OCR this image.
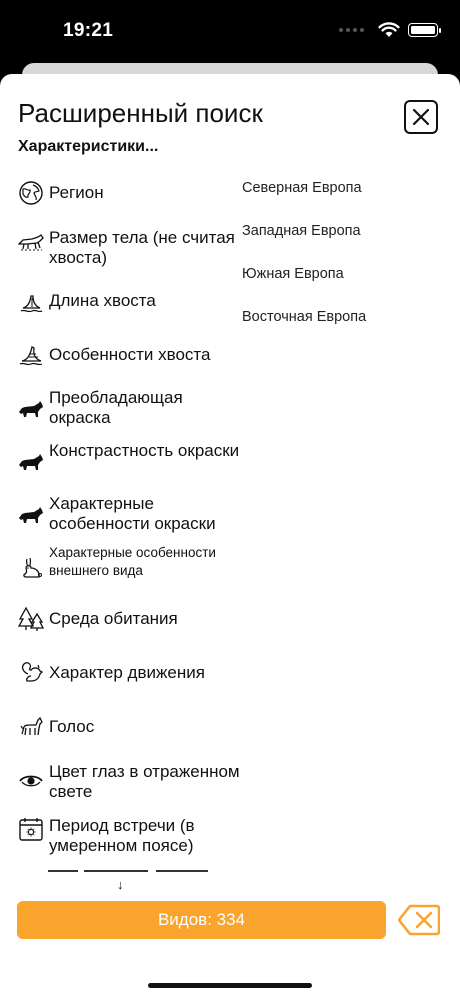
19:21
Расширенный поиск
Характеристики...
Регион
Размер тела (не считая хвоста)
Длина хвоста
Особенности хвоста
Преобладающая окраска
Констрастность окраски
Характерные особенности окраски
Характерные особенности внешнего вида
Среда обитания
Характер движения
Голос
Цвет глаз в отраженном свете
Период встречи (в умеренном поясе)
Северная Европа
Западная Европа
Южная Европа
Восточная Европа
↓
Видов: 334
